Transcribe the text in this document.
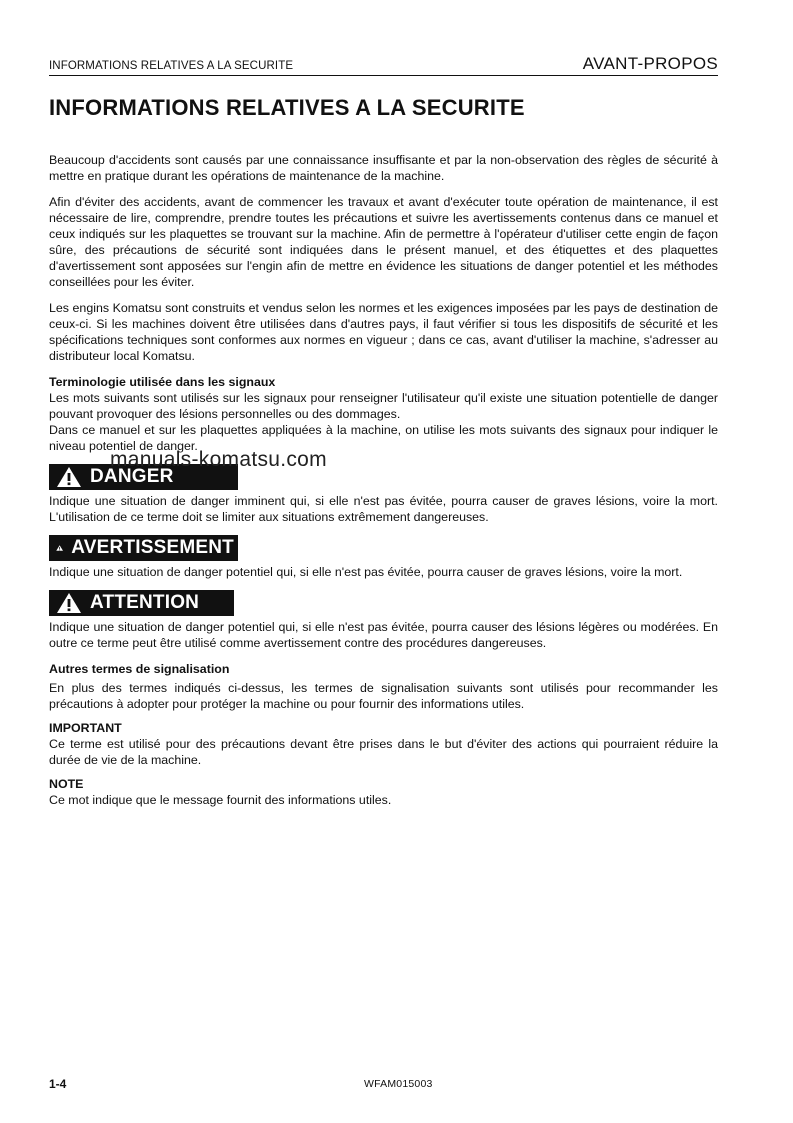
INFORMATIONS RELATIVES A LA SECURITE	AVANT-PROPOS
INFORMATIONS RELATIVES A LA SECURITE

Beaucoup d'accidents sont causés par une connaissance insuffisante et par la non-observation des règles de sécurité à mettre en pratique durant les opérations de maintenance de la machine.

Afin d'éviter des accidents, avant de commencer les travaux et avant d'exécuter toute opération de maintenance, il est nécessaire de lire, comprendre, prendre toutes les précautions et suivre les avertissements contenus dans ce manuel et ceux indiqués sur les plaquettes se trouvant sur la machine. Afin de permettre à l'opérateur d'utiliser cette engin de façon sûre, des précautions de sécurité sont indiquées dans le présent manuel, et des étiquettes et des plaquettes d'avertissement sont apposées sur l'engin afin de mettre en évidence les situations de danger potentiel et les méthodes conseillées pour les éviter.

Les engins Komatsu sont construits et vendus selon les normes et les exigences imposées par les pays de destination de ceux-ci. Si les machines doivent être utilisées dans d'autres pays, il faut vérifier si tous les dispositifs de sécurité et les spécifications techniques sont conformes aux normes en vigueur ; dans ce cas, avant d'utiliser la machine, s'adresser au distributeur local Komatsu.

Terminologie utilisée dans les signaux

Les mots suivants sont utilisés sur les signaux pour renseigner l'utilisateur qu'il existe une situation potentielle de danger pouvant provoquer des lésions personnelles ou des dommages.

Dans ce manuel et sur les plaquettes appliquées à la machine, on utilise les mots suivants des signaux pour indiquer le niveau potentiel de danger.

DANGER

Indique une situation de danger imminent qui, si elle n'est pas évitée, pourra causer de graves lésions, voire la mort. L'utilisation de ce terme doit se limiter aux situations extrêmement dangereuses.

AVERTISSEMENT

Indique une situation de danger potentiel qui, si elle n'est pas évitée, pourra causer de graves lésions, voire la mort.

ATTENTION

Indique une situation de danger potentiel qui, si elle n'est pas évitée, pourra causer des lésions légères ou modérées. En outre ce terme peut être utilisé comme avertissement contre des procédures dangereuses.

Autres termes de signalisation

En plus des termes indiqués ci-dessus, les termes de signalisation suivants sont utilisés pour recommander les précautions à adopter pour protéger la machine ou pour fournir des informations utiles.

IMPORTANT

Ce terme est utilisé pour des précautions devant être prises dans le but d'éviter des actions qui pourraient réduire la durée de vie de la machine.

NOTE

Ce mot indique que le message fournit des informations utiles.

manuals-komatsu.com
1-4	WFAM015003
